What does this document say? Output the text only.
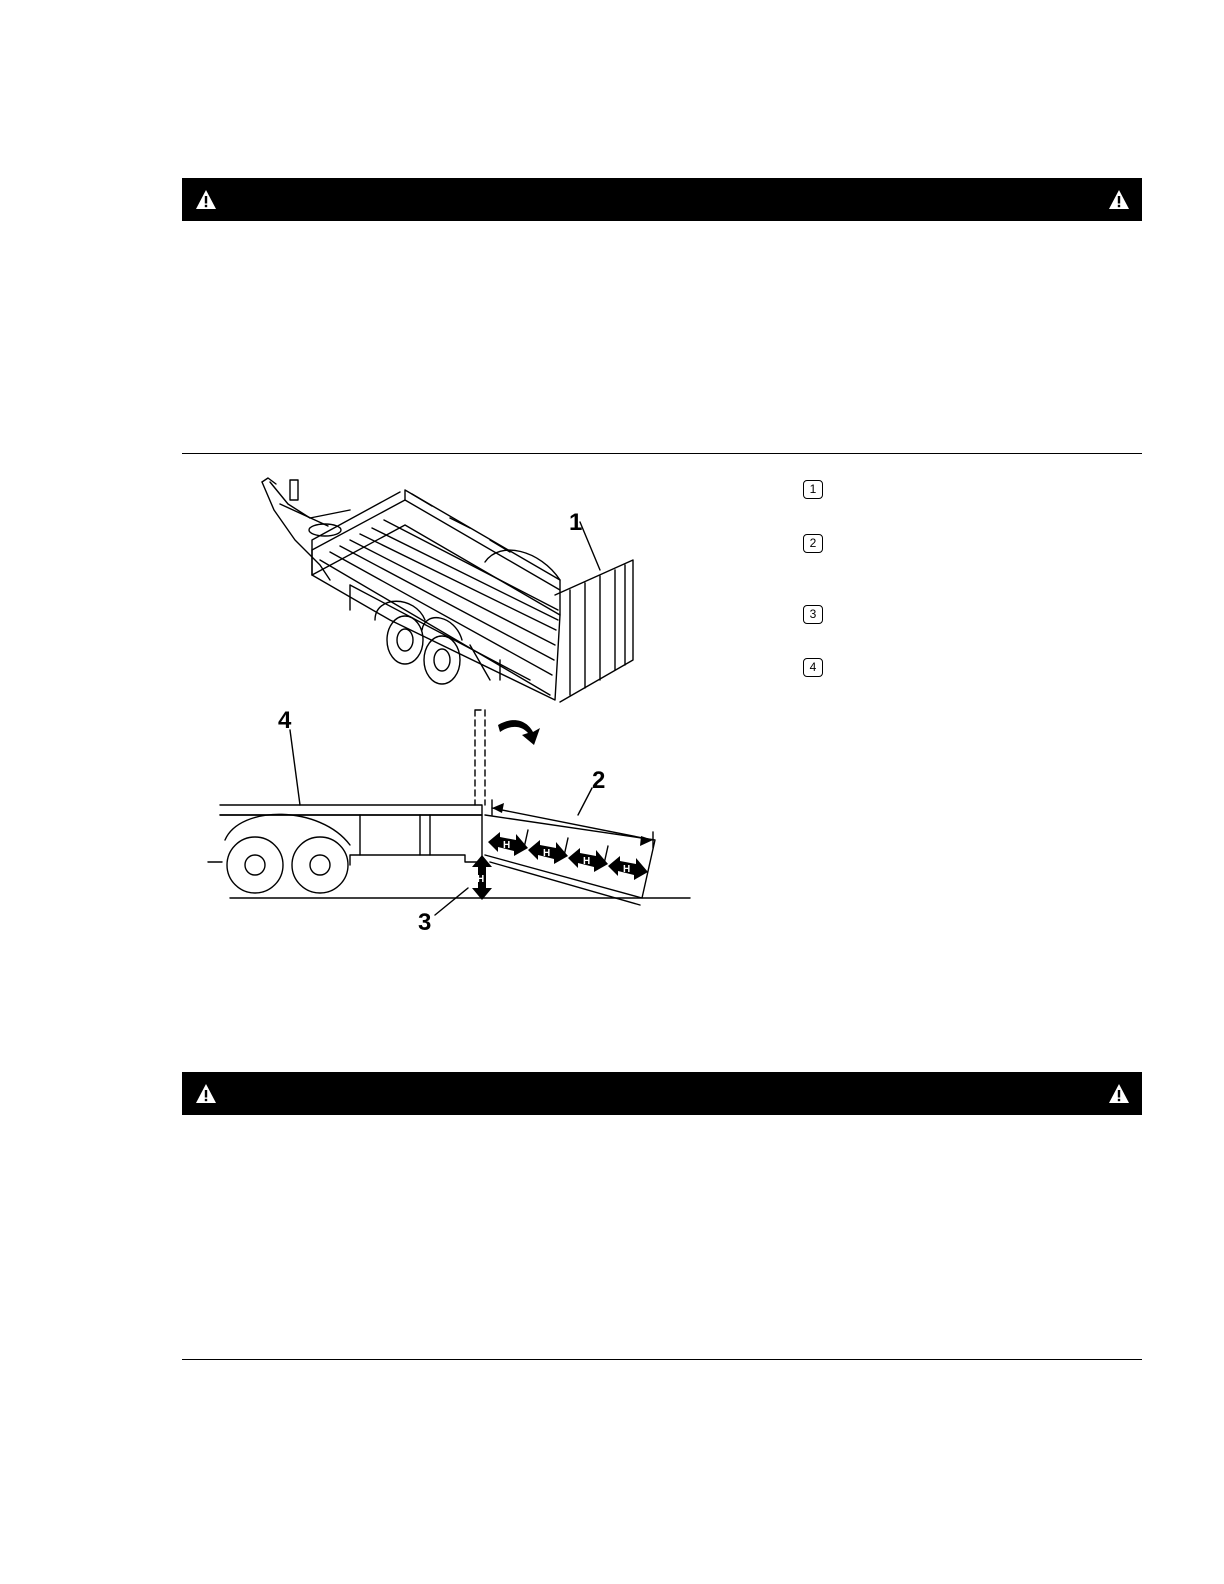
1
H
H
H
H
H
4
2
3
1
2
3
4
